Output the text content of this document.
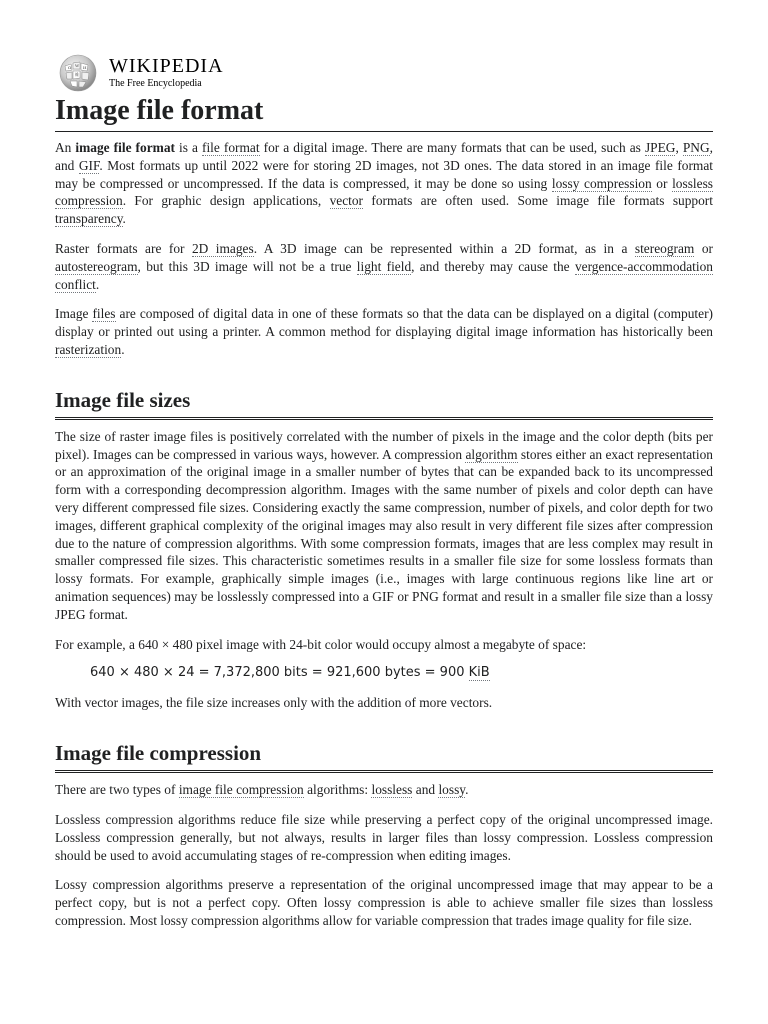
Ω W И
維 WIKIPEDIA
The Free Encyclopedia
Image file format

An image file format is a file format for a digital image. There are many formats that can be used, such as JPEG, PNG, and GIF. Most formats up until 2022 were for storing 2D images, not 3D ones. The data stored in an image file format may be compressed or uncompressed. If the data is compressed, it may be done so using lossy compression or lossless compression. For graphic design applications, vector formats are often used. Some image file formats support transparency.

Raster formats are for 2D images. A 3D image can be represented within a 2D format, as in a stereogram or autostereogram, but this 3D image will not be a true light field, and thereby may cause the vergence-accommodation conflict.

Image files are composed of digital data in one of these formats so that the data can be displayed on a digital (computer) display or printed out using a printer. A common method for displaying digital image information has historically been rasterization.

Image file sizes

The size of raster image files is positively correlated with the number of pixels in the image and the color depth (bits per pixel). Images can be compressed in various ways, however. A compression algorithm stores either an exact representation or an approximation of the original image in a smaller number of bytes that can be expanded back to its uncompressed form with a corresponding decompression algorithm. Images with the same number of pixels and color depth can have very different compressed file sizes. Considering exactly the same compression, number of pixels, and color depth for two images, different graphical complexity of the original images may also result in very different file sizes after compression due to the nature of compression algorithms. With some compression formats, images that are less complex may result in smaller compressed file sizes. This characteristic sometimes results in a smaller file size for some lossless formats than lossy formats. For example, graphically simple images (i.e., images with large continuous regions like line art or animation sequences) may be losslessly compressed into a GIF or PNG format and result in a smaller file size than a lossy JPEG format.

For example, a 640 × 480 pixel image with 24-bit color would occupy almost a megabyte of space:

640 × 480 × 24 = 7,372,800 bits = 921,600 bytes = 900 KiB

With vector images, the file size increases only with the addition of more vectors.

Image file compression

There are two types of image file compression algorithms: lossless and lossy.

Lossless compression algorithms reduce file size while preserving a perfect copy of the original uncompressed image. Lossless compression generally, but not always, results in larger files than lossy compression. Lossless compression should be used to avoid accumulating stages of re-compression when editing images.

Lossy compression algorithms preserve a representation of the original uncompressed image that may appear to be a perfect copy, but is not a perfect copy. Often lossy compression is able to achieve smaller file sizes than lossless compression. Most lossy compression algorithms allow for variable compression that trades image quality for file size.
